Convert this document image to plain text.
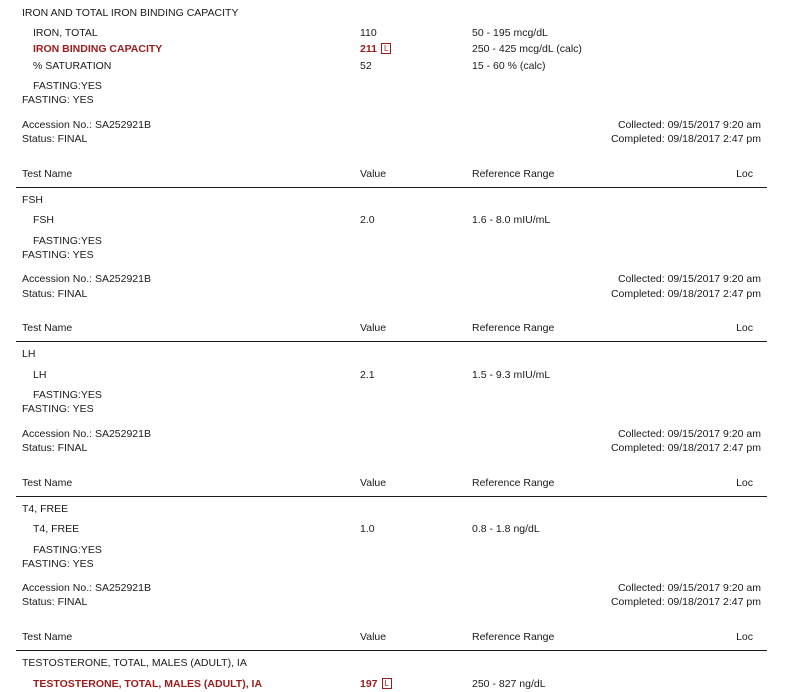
IRON AND TOTAL IRON BINDING CAPACITY
IRON, TOTAL	110	50 - 195 mcg/dL
IRON BINDING CAPACITY	211 L	250 - 425 mcg/dL (calc)
% SATURATION	52	15 - 60 % (calc)
FASTING:YES
FASTING: YES
Accession No.: SA252921B
Status: FINAL
Collected: 09/15/2017 9:20 am
Completed: 09/18/2017 2:47 pm
Test Name	Value	Reference Range	Loc
FSH
FSH	2.0	1.6 - 8.0 mIU/mL
FASTING:YES
FASTING: YES
Accession No.: SA252921B
Status: FINAL
Collected: 09/15/2017 9:20 am
Completed: 09/18/2017 2:47 pm
Test Name	Value	Reference Range	Loc
LH
LH	2.1	1.5 - 9.3 mIU/mL
FASTING:YES
FASTING: YES
Accession No.: SA252921B
Status: FINAL
Collected: 09/15/2017 9:20 am
Completed: 09/18/2017 2:47 pm
Test Name	Value	Reference Range	Loc
T4, FREE
T4, FREE	1.0	0.8 - 1.8 ng/dL
FASTING:YES
FASTING: YES
Accession No.: SA252921B
Status: FINAL
Collected: 09/15/2017 9:20 am
Completed: 09/18/2017 2:47 pm
Test Name	Value	Reference Range	Loc
TESTOSTERONE, TOTAL, MALES (ADULT), IA
TESTOSTERONE, TOTAL, MALES (ADULT), IA	197 L	250 - 827 ng/dL
